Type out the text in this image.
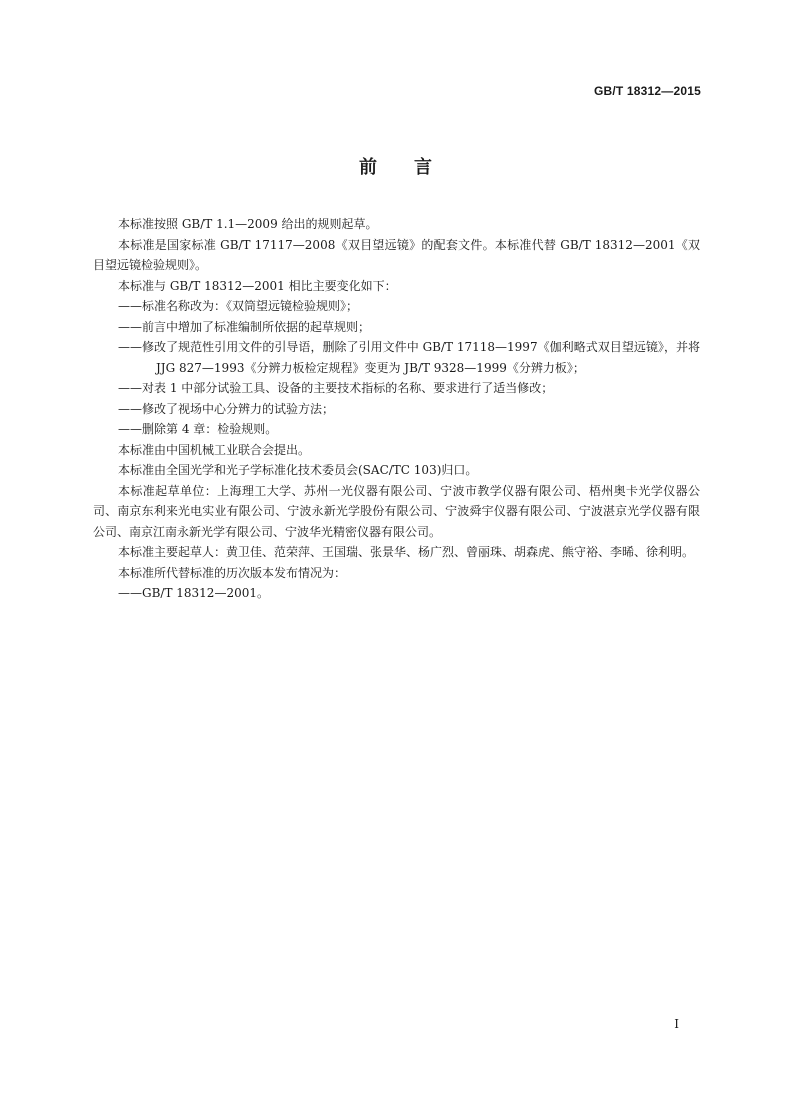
GB/T 18312—2015
前 言

本标准按照 GB/T 1.1—2009 给出的规则起草。

本标准是国家标准 GB/T 17117—2008《双目望远镜》的配套文件。本标准代替 GB/T 18312—2001《双目望远镜检验规则》。

本标准与 GB/T 18312—2001 相比主要变化如下：

——标准名称改为：《双筒望远镜检验规则》；

——前言中增加了标准编制所依据的起草规则；

——修改了规范性引用文件的引导语，删除了引用文件中 GB/T 17118—1997《伽利略式双目望远镜》，并将 JJG 827—1993《分辨力板检定规程》变更为 JB/T 9328—1999《分辨力板》；

——对表 1 中部分试验工具、设备的主要技术指标的名称、要求进行了适当修改；

——修改了视场中心分辨力的试验方法；

——删除第 4 章：检验规则。

本标准由中国机械工业联合会提出。

本标准由全国光学和光子学标准化技术委员会(SAC/TC 103)归口。

本标准起草单位：上海理工大学、苏州一光仪器有限公司、宁波市教学仪器有限公司、梧州奥卡光学仪器公司、南京东利来光电实业有限公司、宁波永新光学股份有限公司、宁波舜宇仪器有限公司、宁波湛京光学仪器有限公司、南京江南永新光学有限公司、宁波华光精密仪器有限公司。

本标准主要起草人：黄卫佳、范荣萍、王国瑞、张景华、杨广烈、曾丽珠、胡森虎、熊守裕、李晞、徐利明。

本标准所代替标准的历次版本发布情况为：

——GB/T 18312—2001。

I
